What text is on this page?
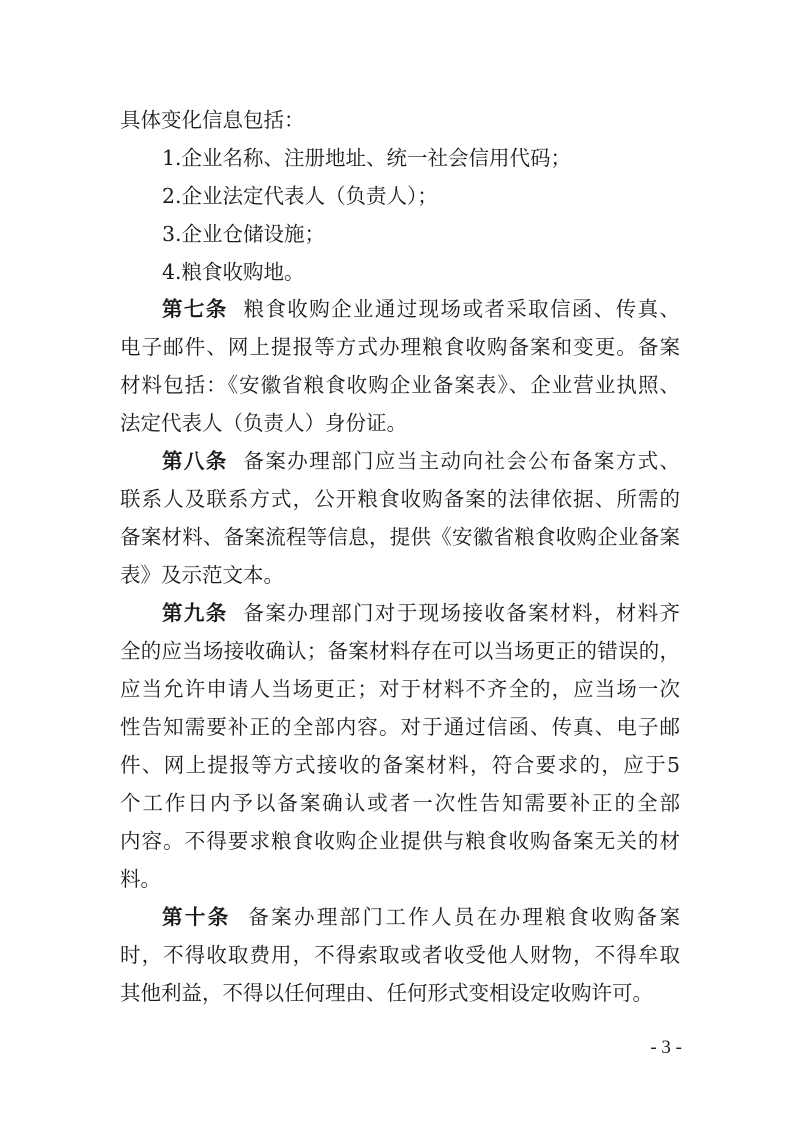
具体变化信息包括：
1.企业名称、注册地址、统一社会信用代码；
2.企业法定代表人（负责人）；
3.企业仓储设施；
4.粮食收购地。
第七条 粮食收购企业通过现场或者采取信函、传真、
电子邮件、网上提报等方式办理粮食收购备案和变更。备案
材料包括：《安徽省粮食收购企业备案表》、企业营业执照、
法定代表人（负责人）身份证。
第八条 备案办理部门应当主动向社会公布备案方式、
联系人及联系方式，公开粮食收购备案的法律依据、所需的
备案材料、备案流程等信息，提供《安徽省粮食收购企业备案
表》及示范文本。
第九条 备案办理部门对于现场接收备案材料，材料齐
全的应当场接收确认；备案材料存在可以当场更正的错误的，
应当允许申请人当场更正；对于材料不齐全的，应当场一次
性告知需要补正的全部内容。对于通过信函、传真、电子邮
件、网上提报等方式接收的备案材料，符合要求的，应于5
个工作日内予以备案确认或者一次性告知需要补正的全部
内容。不得要求粮食收购企业提供与粮食收购备案无关的材
料。
第十条 备案办理部门工作人员在办理粮食收购备案
时，不得收取费用，不得索取或者收受他人财物，不得牟取
其他利益，不得以任何理由、任何形式变相设定收购许可。
- 3 -
